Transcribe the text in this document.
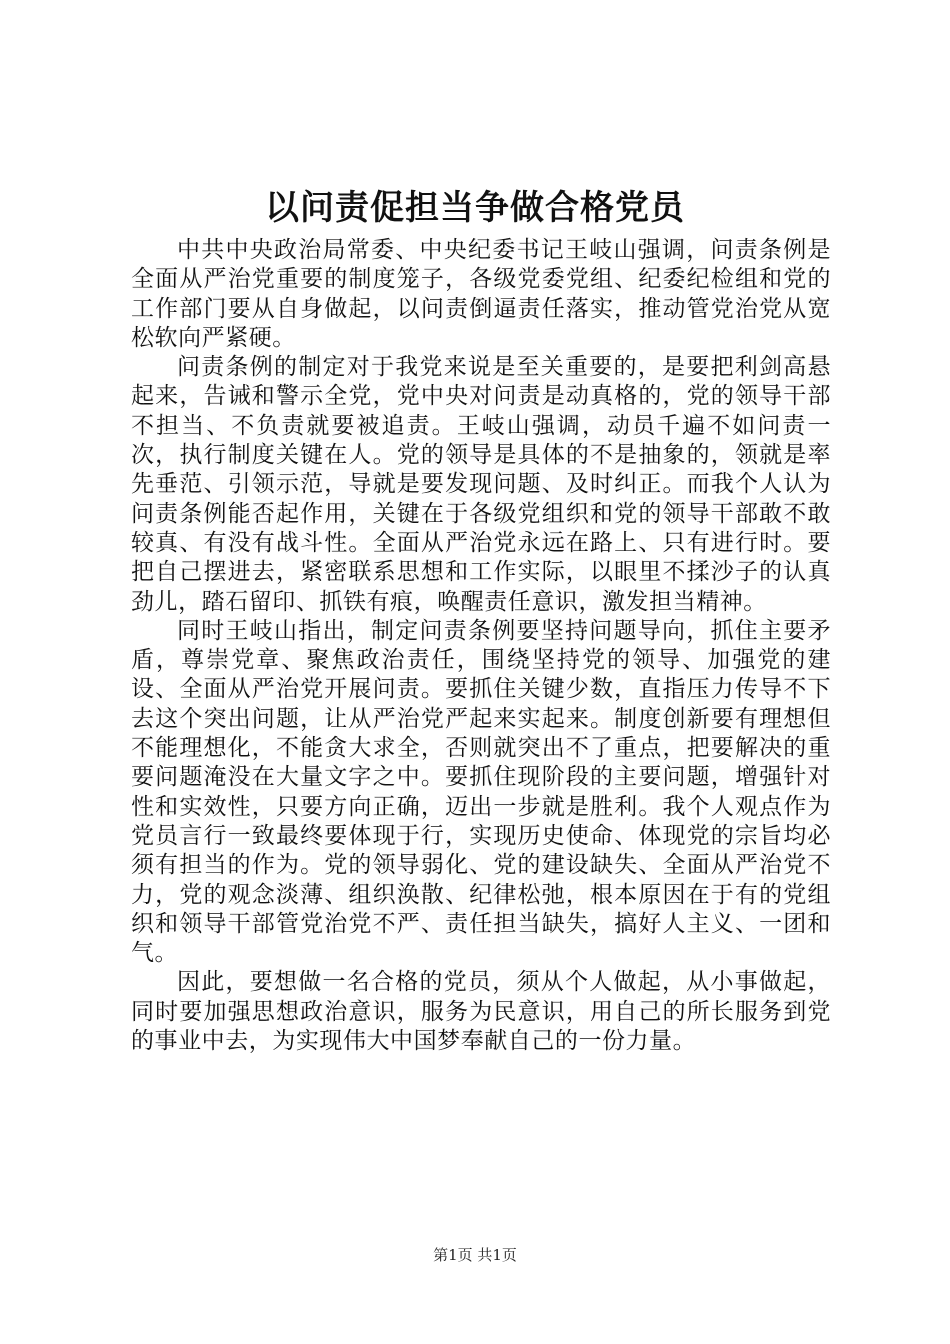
以问责促担当争做合格党员

中共中央政治局常委、中央纪委书记王岐山强调，问责条例是全面从严治党重要的制度笼子，各级党委党组、纪委纪检组和党的工作部门要从自身做起，以问责倒逼责任落实，推动管党治党从宽松软向严紧硬。

问责条例的制定对于我党来说是至关重要的，是要把利剑高悬起来，告诫和警示全党，党中央对问责是动真格的，党的领导干部不担当、不负责就要被追责。王岐山强调，动员千遍不如问责一次，执行制度关键在人。党的领导是具体的不是抽象的，领就是率先垂范、引领示范，导就是要发现问题、及时纠正。而我个人认为问责条例能否起作用，关键在于各级党组织和党的领导干部敢不敢较真、有没有战斗性。全面从严治党永远在路上、只有进行时。要把自己摆进去，紧密联系思想和工作实际，以眼里不揉沙子的认真劲儿，踏石留印、抓铁有痕，唤醒责任意识，激发担当精神。

同时王岐山指出，制定问责条例要坚持问题导向，抓住主要矛盾，尊崇党章、聚焦政治责任，围绕坚持党的领导、加强党的建设、全面从严治党开展问责。要抓住关键少数，直指压力传导不下去这个突出问题，让从严治党严起来实起来。制度创新要有理想但不能理想化，不能贪大求全，否则就突出不了重点，把要解决的重要问题淹没在大量文字之中。要抓住现阶段的主要问题，增强针对性和实效性，只要方向正确，迈出一步就是胜利。我个人观点作为党员言行一致最终要体现于行，实现历史使命、体现党的宗旨均必须有担当的作为。党的领导弱化、党的建设缺失、全面从严治党不力，党的观念淡薄、组织涣散、纪律松弛，根本原因在于有的党组织和领导干部管党治党不严、责任担当缺失，搞好人主义、一团和气。

因此，要想做一名合格的党员，须从个人做起，从小事做起，同时要加强思想政治意识，服务为民意识，用自己的所长服务到党的事业中去，为实现伟大中国梦奉献自己的一份力量。

第1页 共1页
